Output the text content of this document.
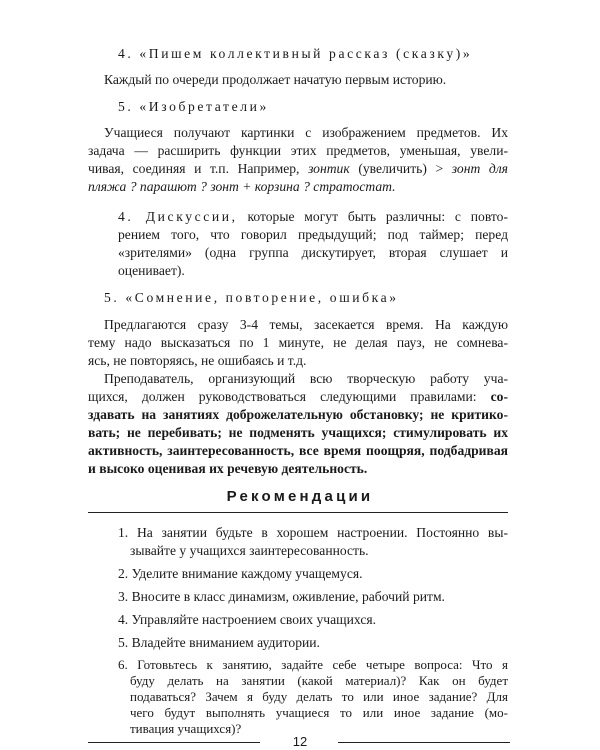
4. «Пишем коллективный рассказ (сказку)»
Каждый по очереди продолжает начатую первым историю.
5. «Изобретатели»
Учащиеся получают картинки с изображением предметов. Их
задача — расширить функции этих предметов, уменьшая, увели-
чивая, соединяя и т.п. Например, зонтик (увеличить) > зонт для
пляжа ? парашют ? зонт + корзина ? стратостат.
4. Дискуссии, которые могут быть различны: с повто-
рением того, что говорил предыдущий; под таймер; перед
«зрителями» (одна группа дискутирует, вторая слушает и
оценивает).
5. «Сомнение, повторение, ошибка»
Предлагаются сразу 3-4 темы, засекается время. На каждую
тему надо высказаться по 1 минуте, не делая пауз, не сомнева-
ясь, не повторяясь, не ошибаясь и т.д.
Преподаватель, организующий всю творческую работу уча-
щихся, должен руководствоваться следующими правилами: со-
здавать на занятиях доброжелательную обстановку; не критико-
вать; не перебивать; не подменять учащихся; стимулировать их
активность, заинтересованность, все время поощряя, подбадривая
и высоко оценивая их речевую деятельность.
Рекомендации
1. На занятии будьте в хорошем настроении. Постоянно вы-
зывайте у учащихся заинтересованность.
2. Уделите внимание каждому учащемуся.
3. Вносите в класс динамизм, оживление, рабочий ритм.
4. Управляйте настроением своих учащихся.
5. Владейте вниманием аудитории.
6. Готовьтесь к занятию, задайте себе четыре вопроса: Что я
буду делать на занятии (какой материал)? Как он будет
подаваться? Зачем я буду делать то или иное задание? Для
чего будут выполнять учащиеся то или иное задание (мо-
тивация учащихся)?
12
